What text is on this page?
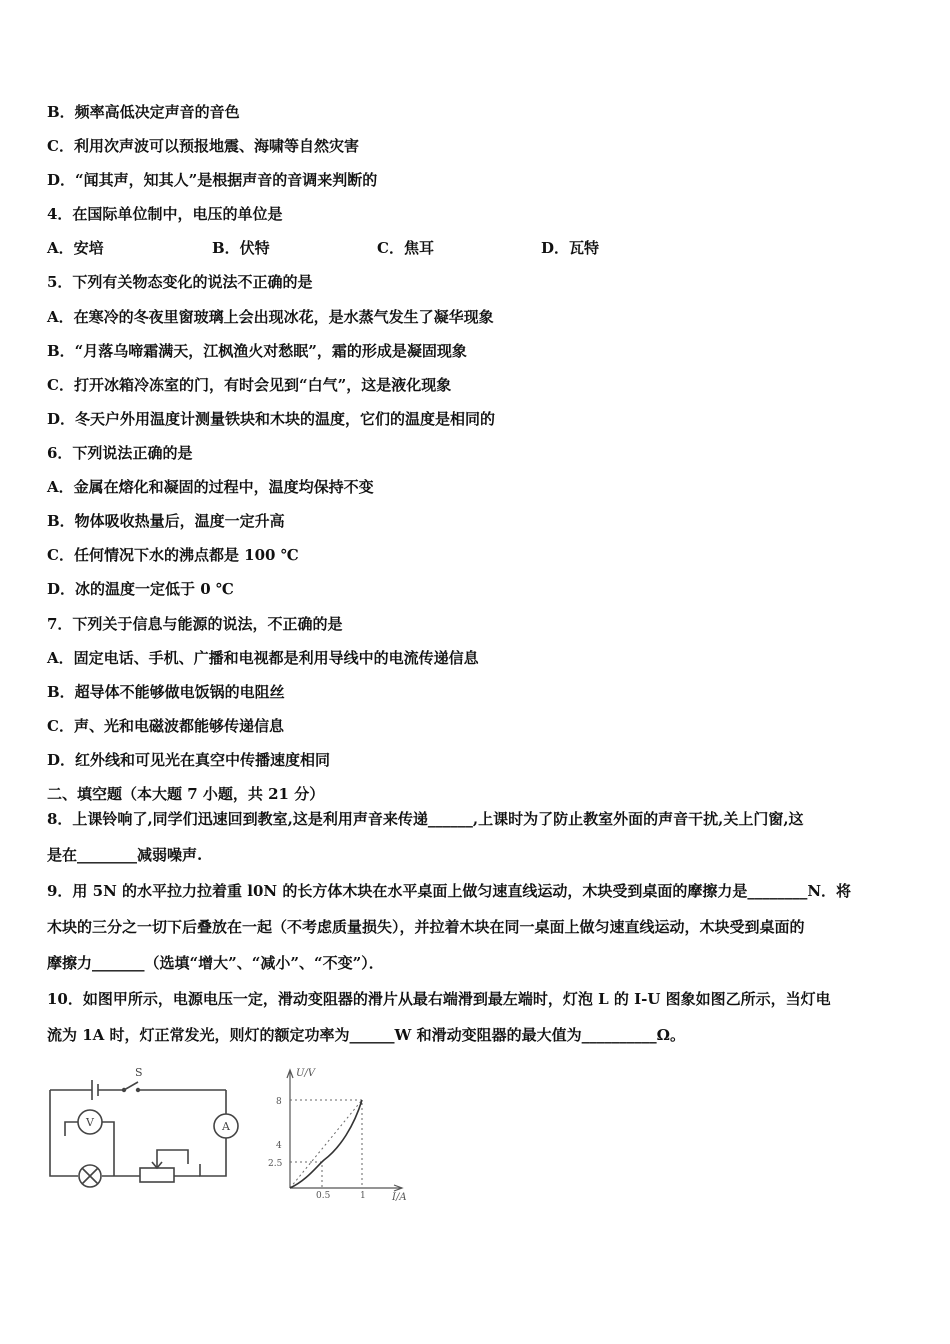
B．频率高低决定声音的音色
C．利用次声波可以预报地震、海啸等自然灾害
D．“闻其声，知其人”是根据声音的音调来判断的
4．在国际单位制中，电压的单位是
A．安培	B．伏特	C．焦耳	D．瓦特
5．下列有关物态变化的说法不正确的是
A．在寒冷的冬夜里窗玻璃上会出现冰花，是水蒸气发生了凝华现象
B．“月落乌啼霜满天，江枫渔火对愁眠”，霜的形成是凝固现象
C．打开冰箱冷冻室的门，有时会见到“白气”，这是液化现象
D．冬天户外用温度计测量铁块和木块的温度，它们的温度是相同的
6．下列说法正确的是
A．金属在熔化和凝固的过程中，温度均保持不变
B．物体吸收热量后，温度一定升高
C．任何情况下水的沸点都是 100 ℃
D．冰的温度一定低于 0 ℃
7．下列关于信息与能源的说法，不正确的是
A．固定电话、手机、广播和电视都是利用导线中的电流传递信息
B．超导体不能够做电饭锅的电阻丝
C．声、光和电磁波都能够传递信息
D．红外线和可见光在真空中传播速度相同
二、填空题（本大题 7 小题，共 21 分）
8．上课铃响了,同学们迅速回到教室,这是利用声音来传递______,上课时为了防止教室外面的声音干扰,关上门窗,这
是在________减弱噪声.
9．用 5N 的水平拉力拉着重 l0N 的长方体木块在水平桌面上做匀速直线运动，木块受到桌面的摩擦力是________N．将
木块的三分之一切下后叠放在一起（不考虑质量损失），并拉着木块在同一桌面上做匀速直线运动，木块受到桌面的
摩擦力_______（选填“增大”、“减小”、“不变”）．
10．如图甲所示，电源电压一定，滑动变阻器的滑片从最右端滑到最左端时，灯泡 L 的 I-U 图象如图乙所示，当灯电
流为 1A 时，灯正常发光，则灯的额定功率为______W 和滑动变阻器的最大值为__________Ω。
S
A
V
U/V
I/A
8
4
2.5
0.5	1
